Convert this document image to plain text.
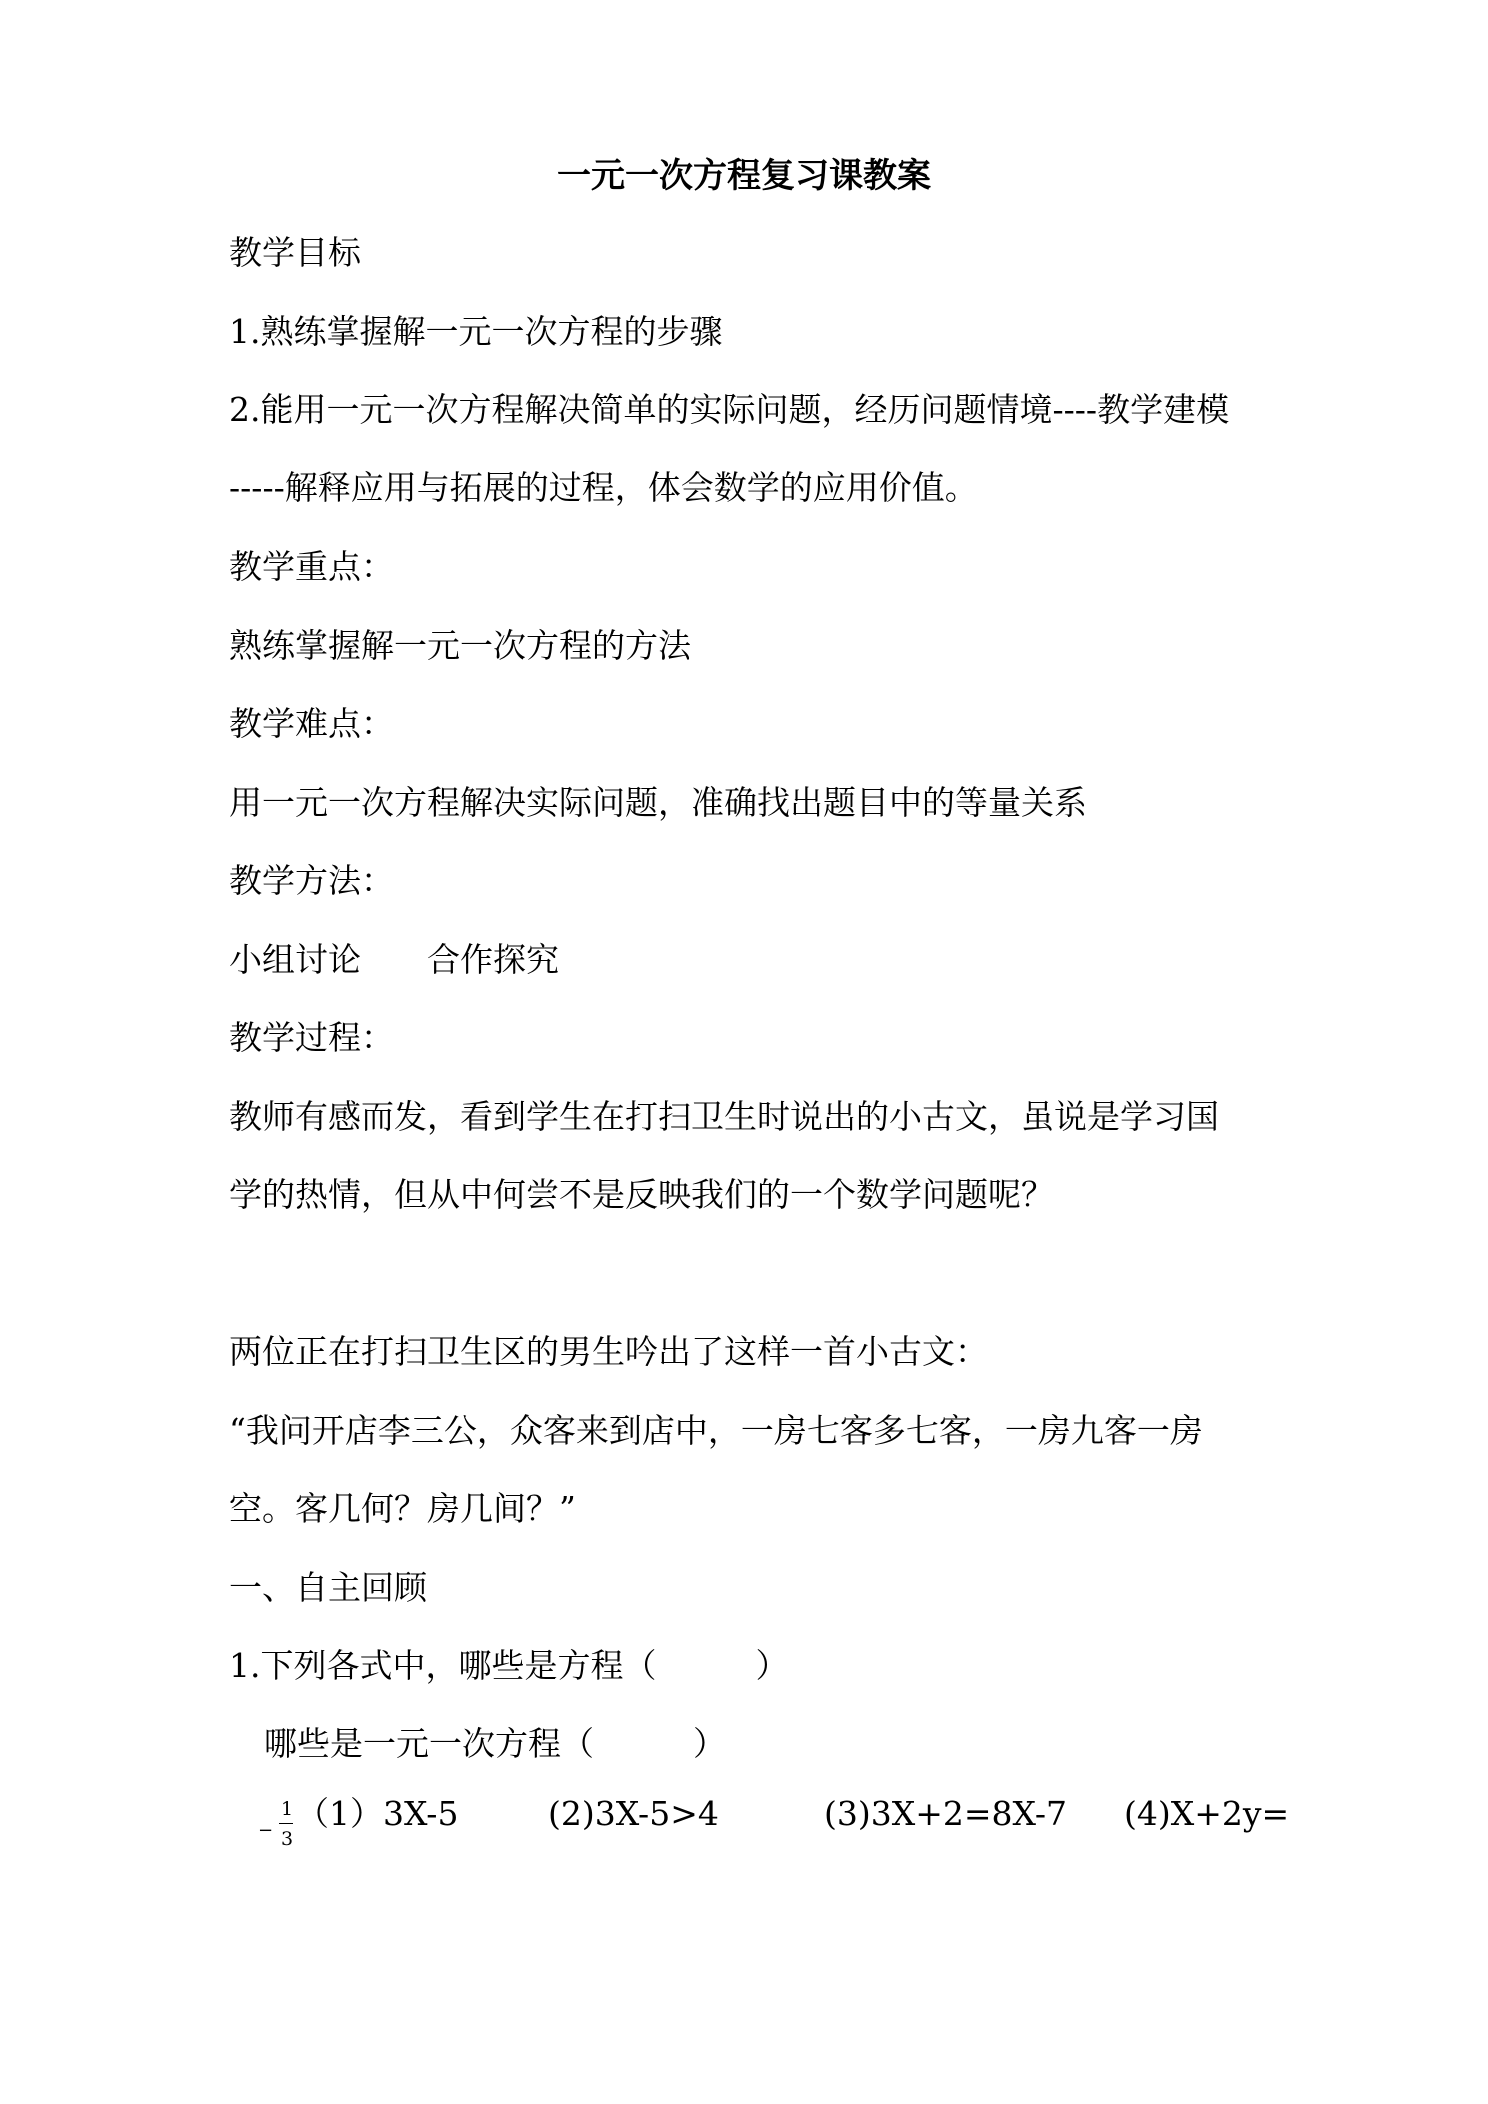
一元一次方程复习课教案
教学目标
1.熟练掌握解一元一次方程的步骤
2.能用一元一次方程解决简单的实际问题，经历问题情境----教学建模
-----解释应用与拓展的过程，体会数学的应用价值。
教学重点：
熟练掌握解一元一次方程的方法
教学难点：
用一元一次方程解决实际问题，准确找出题目中的等量关系
教学方法：
小组讨论　　合作探究
教学过程：
教师有感而发，看到学生在打扫卫生时说出的小古文，虽说是学习国
学的热情，但从中何尝不是反映我们的一个数学问题呢？
两位正在打扫卫生区的男生吟出了这样一首小古文：
“我问开店李三公，众客来到店中，一房七客多七客，一房九客一房
空。客几何？房几间？”
一、自主回顾
1.下列各式中，哪些是方程（　　　）
哪些是一元一次方程（　　　）
−
1
3
（1）3X-5	(2)3X-5>4	(3)3X+2=8X-7 (4)X+2y=
